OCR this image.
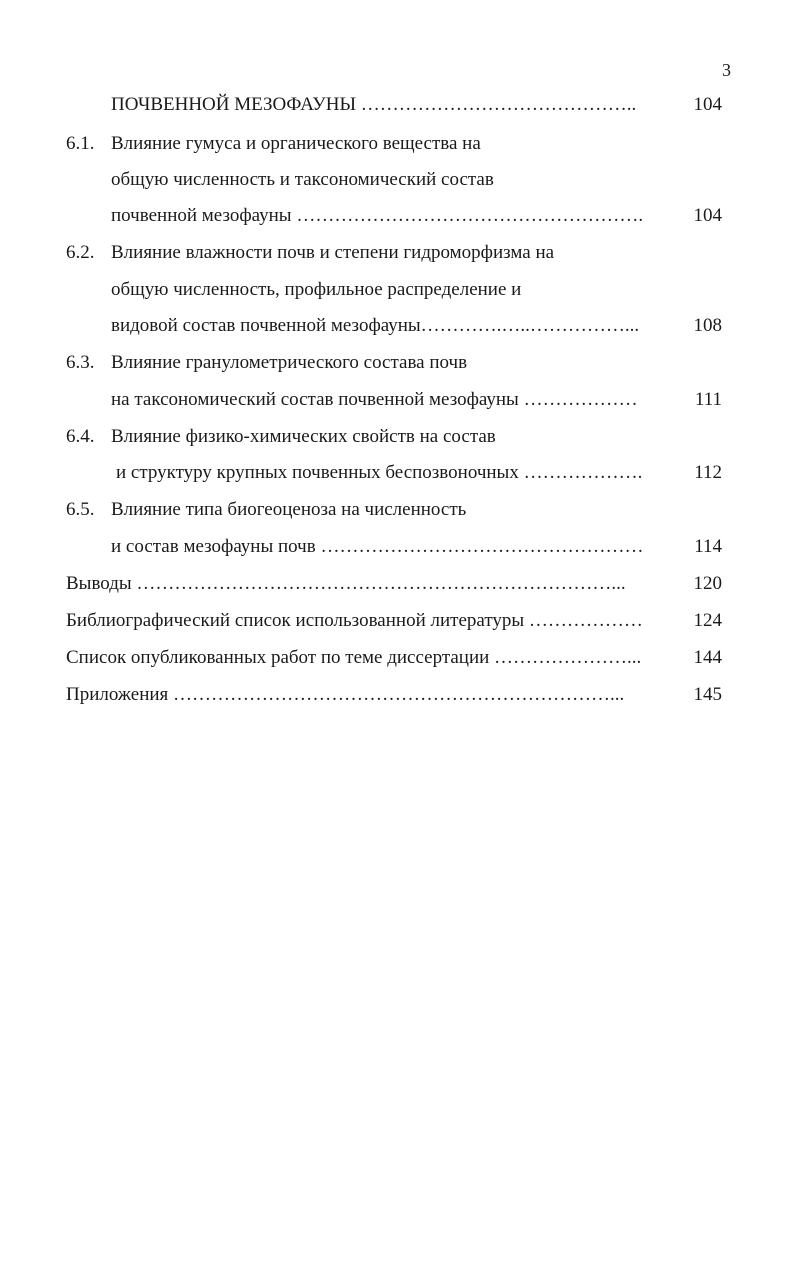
3
ПОЧВЕННОЙ МЕЗОФАУНЫ ……………………………………..	104
6.1. Влияние гумуса и органического вещества на
общую численность и таксономический состав
почвенной мезофауны ……………………………………………….	104
6.2. Влияние влажности почв и степени гидроморфизма на
общую численность, профильное распределение и
видовой состав почвенной мезофауны………….…..……………...	108
6.3. Влияние гранулометрического состава почв
на таксономический состав почвенной мезофауны ………………	111
6.4. Влияние физико-химических свойств на состав
и структуру крупных почвенных беспозвоночных ……………….	112
6.5. Влияние типа биогеоценоза на численность
и состав мезофауны почв ……………………………………………	114
Выводы …………………………………………………………………...	120
Библиографический список использованной литературы ………………	124
Список опубликованных работ по теме диссертации …………………...	144
Приложения ……………………………………………………………...	145
